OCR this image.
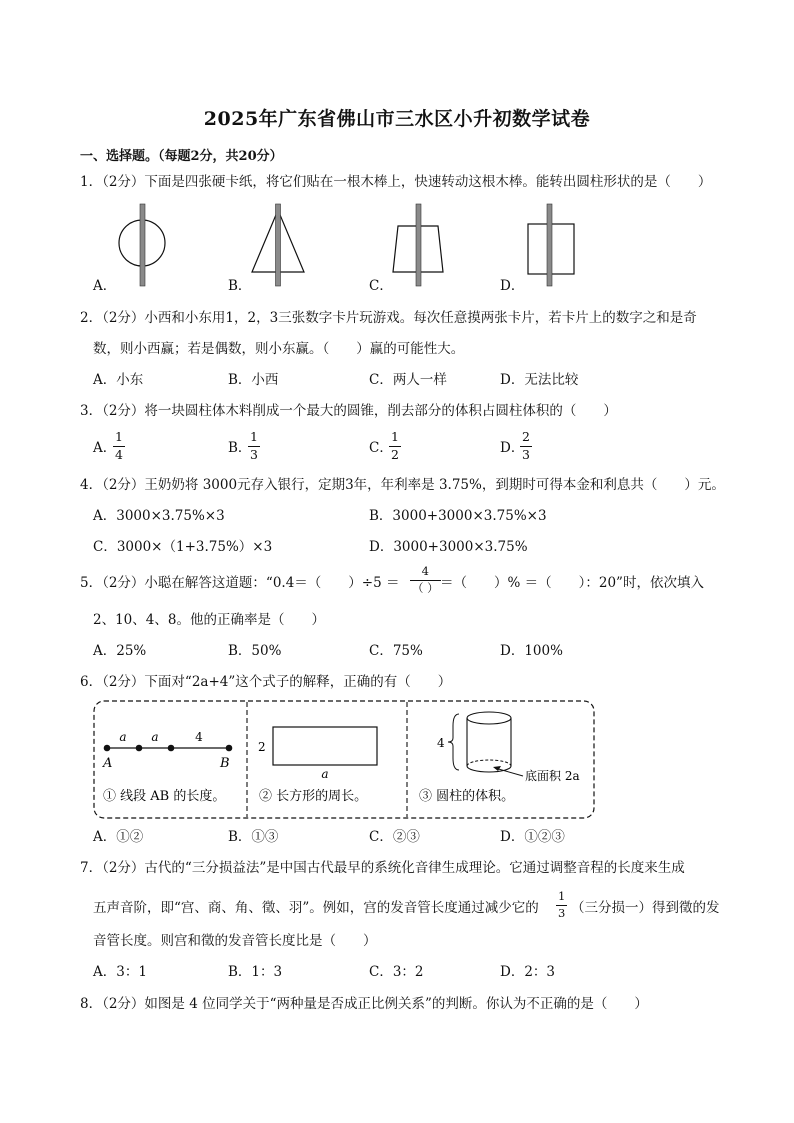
2025年广东省佛山市三水区小升初数学试卷
一、选择题。（每题2分，共20分）
1．（2分）下面是四张硬卡纸，将它们贴在一根木棒上，快速转动这根木棒。能转出圆柱形状的是（　　）
A．	B．	C．	D．
2．（2分）小西和小东用1，2，3三张数字卡片玩游戏。每次任意摸两张卡片，若卡片上的数字之和是奇
数，则小西赢；若是偶数，则小东赢。（　　）赢的可能性大。
A．小东	B．小西	C．两人一样	D．无法比较
3．（2分）将一块圆柱体木料削成一个最大的圆锥，削去部分的体积占圆柱体积的（　　）
A．
$\frac{1}{4}$	B．
$\frac{1}{3}$	C．
$\frac{1}{2}$	D．
$\frac{2}{3}$
4．（2分）王奶奶将 3000元存入银行，定期3年，年利率是 3.75%，到期时可得本金和利息共（　　）元。
A．3000×3.75%×3	B．3000+3000×3.75%×3
C．3000×（1+3.75%）×3	D．3000+3000×3.75%
5．（2分）小聪在解答这道题：“0.4＝（　　）÷5 ＝
4
（ ） ＝（　　）% ＝（　　）：20”时，依次填入
2、10、4、8。他的正确率是（　　）
A．25%	B．50%	C．75%	D．100%
6．（2分）下面对“2a+4”这个式子的解释，正确的有（　　）
a a	4
A	B
① 线段 AB 的长度。
2
a
② 长方形的周长。
4
底面积 2a
③ 圆柱的体积。
A．①②	B．①③	C．②③	D．①②③
7．（2分）古代的“三分损益法”是中国古代最早的系统化音律生成理论。它通过调整音程的长度来生成
五声音阶，即“宫、商、角、徵、羽”。例如，宫的发音管长度通过减少它的 $\frac{1}{3}$ （三分损一）得到徵的发
音管长度。则宫和徵的发音管长度比是（　　）
A．3：1	B．1：3	C．3：2	D．2：3
8．（2分）如图是 4 位同学关于“两种量是否成正比例关系”的判断。你认为不正确的是（　　）
